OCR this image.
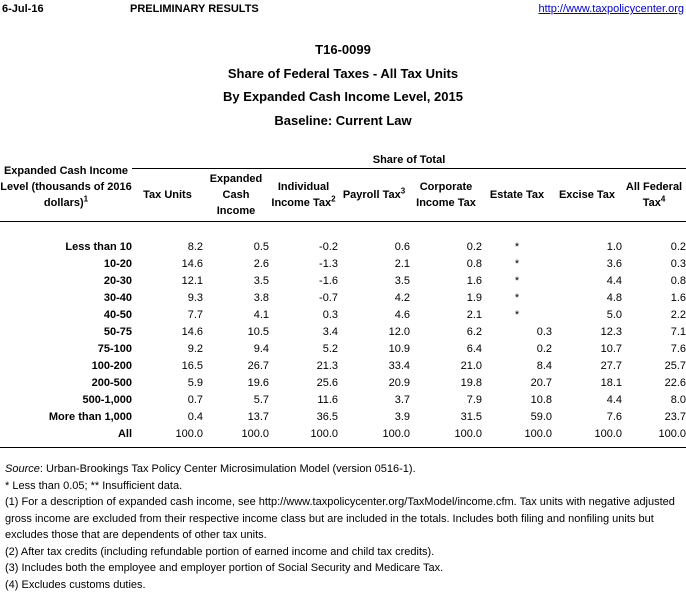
6-Jul-16	PRELIMINARY RESULTS	http://www.taxpolicycenter.org
T16-0099
Share of Federal Taxes - All Tax Units
By Expanded Cash Income Level, 2015
Baseline: Current Law
Expanded Cash Income Level (thousands of 2016 dollars)$^1$	Share of Total							
	Tax Units	Expanded Cash Income	Individual Income Tax$^2$	Payroll Tax$^3$	Corporate Income Tax	Estate Tax	Excise Tax	All Federal Tax$^4$

Less than 10	8.2	0.5	-0.2	0.6	0.2	*	1.0	0.2
10-20	14.6	2.6	-1.3	2.1	0.8	*	3.6	0.3
20-30	12.1	3.5	-1.6	3.5	1.6	*	4.4	0.8
30-40	9.3	3.8	-0.7	4.2	1.9	*	4.8	1.6
40-50	7.7	4.1	0.3	4.6	2.1	*	5.0	2.2
50-75	14.6	10.5	3.4	12.0	6.2	0.3	12.3	7.1
75-100	9.2	9.4	5.2	10.9	6.4	0.2	10.7	7.6
100-200	16.5	26.7	21.3	33.4	21.0	8.4	27.7	25.7
200-500	5.9	19.6	25.6	20.9	19.8	20.7	18.1	22.6
500-1,000	0.7	5.7	11.6	3.7	7.9	10.8	4.4	8.0
More than 1,000	0.4	13.7	36.5	3.9	31.5	59.0	7.6	23.7
All	100.0	100.0	100.0	100.0	100.0	100.0	100.0	100.0
Source: Urban-Brookings Tax Policy Center Microsimulation Model (version 0516-1).
* Less than 0.05; ** Insufficient data.
(1) For a description of expanded cash income, see http://www.taxpolicycenter.org/TaxModel/income.cfm. Tax units with negative adjusted gross income are excluded from their respective income class but are included in the totals. Includes both filing and nonfiling units but excludes those that are dependents of other tax units.
(2) After tax credits (including refundable portion of earned income and child tax credits).
(3) Includes both the employee and employer portion of Social Security and Medicare Tax.
(4) Excludes customs duties.
